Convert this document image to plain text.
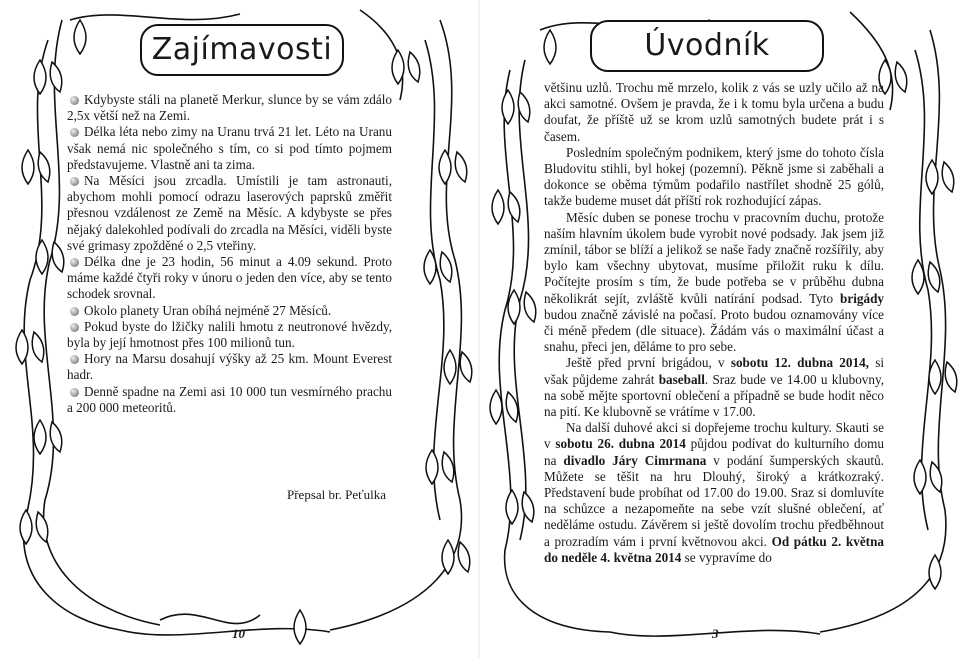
Zajímavosti

Kdybyste stáli na planetě Merkur, slunce by se vám zdálo 2,5x větší než na Zemi.

Délka léta nebo zimy na Uranu trvá 21 let. Léto na Uranu však nemá nic společného s tím, co si pod tímto pojmem představujeme. Vlastně ani ta zima.

Na Měsíci jsou zrcadla. Umístili je tam astronauti, abychom mohli pomocí odrazu laserových paprsků změřit přesnou vzdálenost ze Země na Měsíc. A kdybyste se přes nějaký dalekohled podívali do zrcadla na Měsíci, viděli byste své grimasy zpožděné o 2,5 vteřiny.

Délka dne je 23 hodin, 56 minut a 4.09 sekund. Proto máme každé čtyři roky v únoru o jeden den více, aby se tento schodek srovnal.

Okolo planety Uran obíhá nejméně 27 Měsíců.

Pokud byste do lžičky nalili hmotu z neutronové hvězdy, byla by její hmotnost přes 100 milionů tun.

Hory na Marsu dosahují výšky až 25 km. Mount Everest hadr.

Denně spadne na Zemi asi 10 000 tun vesmírného prachu a 200 000 meteoritů.

Přepsal br. Peťulka
10
Úvodník

většinu uzlů. Trochu mě mrzelo, kolik z vás se uzly učilo až na akci samotné. Ovšem je pravda, že i k tomu byla určena a budu doufat, že příště už se krom uzlů samotných budete prát i s časem.

Posledním společným podnikem, který jsme do tohoto čísla Bludovitu stihli, byl hokej (pozemní). Pěkně jsme si zaběhali a dokonce se oběma týmům podařilo nastřílet shodně 25 gólů, takže budeme muset dát příští rok rozhodující zápas.

Měsíc duben se ponese trochu v pracovním duchu, protože naším hlavním úkolem bude vyrobit nové podsady. Jak jsem již zmínil, tábor se blíží a jelikož se naše řady značně rozšířily, aby bylo kam všechny ubytovat, musíme přiložit ruku k dílu. Počítejte prosím s tím, že bude potřeba se v průběhu dubna několikrát sejít, zvláště kvůli natírání podsad. Tyto brigády budou značně závislé na počasí. Proto budou oznamovány více či méně předem (dle situace). Žádám vás o maximální účast a snahu, přeci jen, děláme to pro sebe.

Ještě před první brigádou, v sobotu 12. dubna 2014, si však půjdeme zahrát baseball. Sraz bude ve 14.00 u klubovny, na sobě mějte sportovní oblečení a případně se bude hodit něco na pití. Ke klubovně se vrátíme v 17.00.

Na další duhové akci si dopřejeme trochu kultury. Skauti se v sobotu 26. dubna 2014 půjdou podívat do kulturního domu na divadlo Járy Cimrmana v podání šumperských skautů. Můžete se těšit na hru Dlouhý, široký a krátkozraký. Představení bude probíhat od 17.00 do 19.00. Sraz si domluvíte na schůzce a nezapomeňte na sebe vzít slušné oblečení, ať neděláme ostudu. Závěrem si ještě dovolím trochu předběhnout a prozradím vám i první květnovou akci. Od pátku 2. května do neděle 4. května 2014 se vypravíme do

3
